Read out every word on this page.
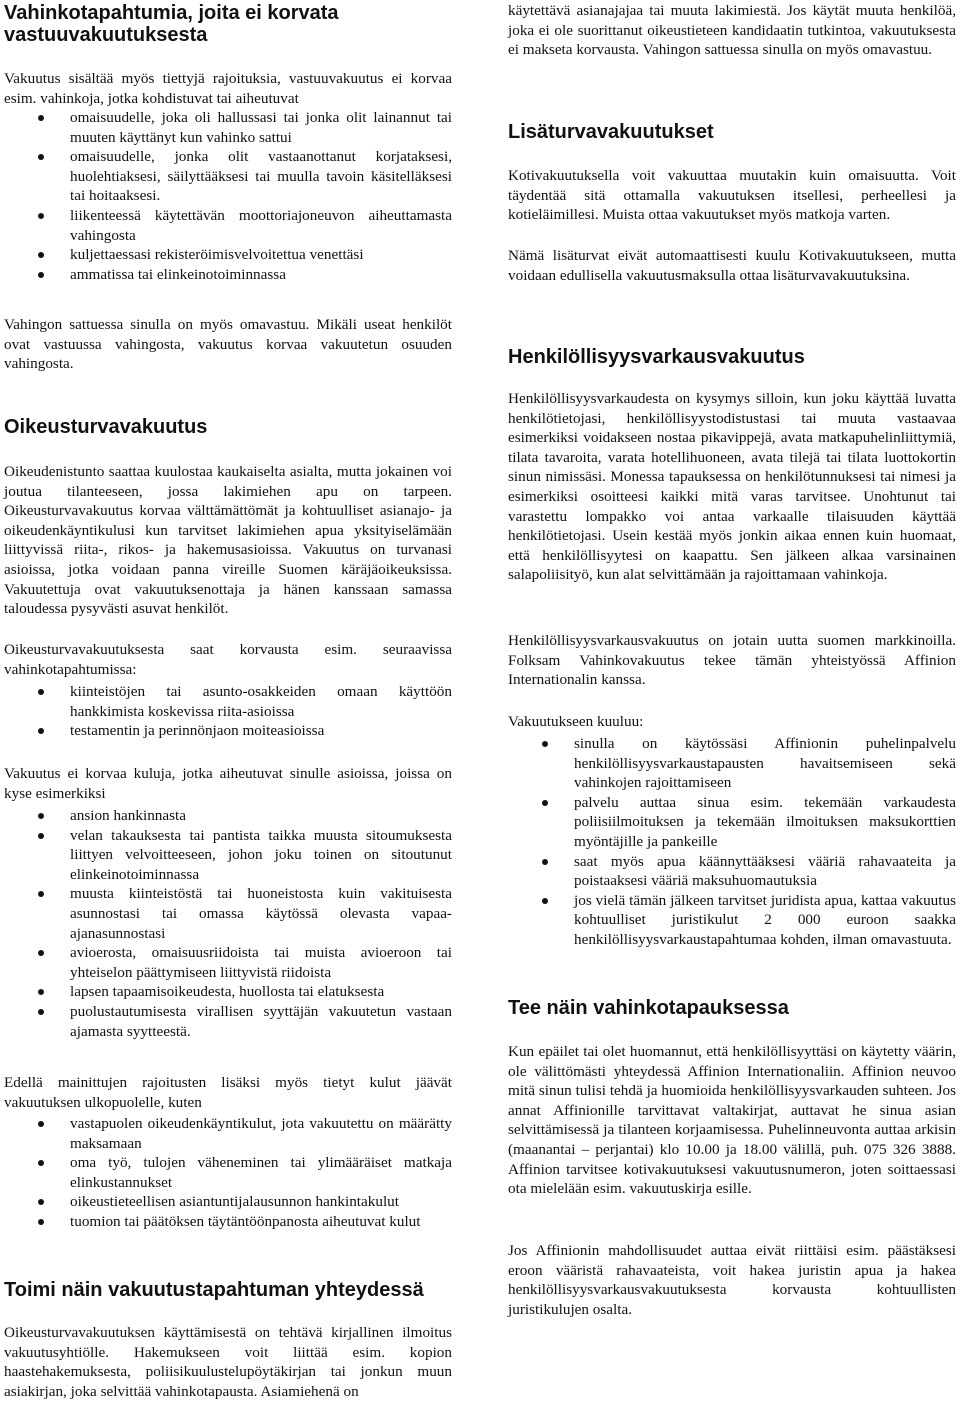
Vahinkotapahtumia, joita ei korvata vastuuvakuutuksesta

Vakuutus sisältää myös tiettyjä rajoituksia, vastuuvakuutus ei korvaa esim. vahinkoja, jotka kohdistuvat tai aiheutuvat

omaisuudelle, joka oli hallussasi tai jonka olit lainannut tai muuten käyttänyt kun vahinko sattui
omaisuudelle, jonka olit vastaanottanut korjataksesi, huolehtiaksesi, säilyttääksesi tai muulla tavoin käsitelläksesi tai hoitaaksesi.
liikenteessä käytettävän moottoriajoneuvon aiheuttamasta vahingosta
kuljettaessasi rekisteröimisvelvoitettua venettäsi
ammatissa tai elinkeinotoiminnassa

Vahingon sattuessa sinulla on myös omavastuu. Mikäli useat henkilöt ovat vastuussa vahingosta, vakuutus korvaa vakuutetun osuuden vahingosta.

Oikeusturvavakuutus

Oikeudenistunto saattaa kuulostaa kaukaiselta asialta, mutta jokainen voi joutua tilanteeseen, jossa lakimiehen apu on tarpeen. Oikeusturvavakuutus korvaa välttämättömät ja kohtuulliset asianajo- ja oikeudenkäyntikulusi kun tarvitset lakimiehen apua yksityiselämään liittyvissä riita-, rikos- ja hakemusasioissa. Vakuutus on turvanasi asioissa, jotka voidaan panna vireille Suomen käräjäoikeuksissa. Vakuutettuja ovat vakuutuksenottaja ja hänen kanssaan samassa taloudessa pysyvästi asuvat henkilöt.

Oikeusturvavakuutuksesta saat korvausta esim. seuraavissa vahinkotapahtumissa:

kiinteistöjen tai asunto-osakkeiden omaan käyttöön hankkimista koskevissa riita-asioissa
testamentin ja perinnönjaon moiteasioissa

Vakuutus ei korvaa kuluja, jotka aiheutuvat sinulle asioissa, joissa on kyse esimerkiksi

ansion hankinnasta
velan takauksesta tai pantista taikka muusta sitoumuksesta liittyen velvoitteeseen, johon joku toinen on sitoutunut elinkeinotoiminnassa
muusta kiinteistöstä tai huoneistosta kuin vakituisesta asunnostasi tai omassa käytössä olevasta vapaa-ajanasunnostasi
avioerosta, omaisuusriidoista tai muista avioeroon tai yhteiselon päättymiseen liittyvistä riidoista
lapsen tapaamisoikeudesta, huollosta tai elatuksesta
puolustautumisesta virallisen syyttäjän vakuutetun vastaan ajamasta syytteestä.

Edellä mainittujen rajoitusten lisäksi myös tietyt kulut jäävät vakuutuksen ulkopuolelle, kuten

vastapuolen oikeudenkäyntikulut, jota vakuutettu on määrätty maksamaan
oma työ, tulojen väheneminen tai ylimääräiset matkaja elinkustannukset
oikeustieteellisen asiantuntijalausunnon hankintakulut
tuomion tai päätöksen täytäntöönpanosta aiheutuvat kulut
Toimi näin vakuutustapahtuman yhteydessä

Oikeusturvavakuutuksen käyttämisestä on tehtävä kirjallinen ilmoitus vakuutusyhtiölle. Hakemukseen voit liittää esim. kopion haastehakemuksesta, poliisikuulustelupöytäkirjan tai jonkun muun asiakirjan, joka selvittää vahinkotapausta. Asiamiehenä on

käytettävä asianajajaa tai muuta lakimiestä. Jos käytät muuta henkilöä, joka ei ole suorittanut oikeustieteen kandidaatin tutkintoa, vakuutuksesta ei makseta korvausta. Vahingon sattuessa sinulla on myös omavastuu.

Lisäturvavakuutukset

Kotivakuutuksella voit vakuuttaa muutakin kuin omaisuutta. Voit täydentää sitä ottamalla vakuutuksen itsellesi, perheellesi ja kotieläimillesi. Muista ottaa vakuutukset myös matkoja varten.

Nämä lisäturvat eivät automaattisesti kuulu Kotivakuutukseen, mutta voidaan edullisella vakuutusmaksulla ottaa lisäturvavakuutuksina.

Henkilöllisyysvarkausvakuutus

Henkilöllisyysvarkaudesta on kysymys silloin, kun joku käyttää luvatta henkilötietojasi, henkilöllisyystodistustasi tai muuta vastaavaa esimerkiksi voidakseen nostaa pikavippejä, avata matkapuhelinliittymiä, tilata tavaroita, varata hotellihuoneen, avata tilejä tai tilata luottokortin sinun nimissäsi. Monessa tapauksessa on henkilötunnuksesi tai nimesi ja esimerkiksi osoitteesi kaikki mitä varas tarvitsee. Unohtunut tai varastettu lompakko voi antaa varkaalle tilaisuuden käyttää henkilötietojasi. Usein kestää myös jonkin aikaa ennen kuin huomaat, että henkilöllisyytesi on kaapattu. Sen jälkeen alkaa varsinainen salapoliisityö, kun alat selvittämään ja rajoittamaan vahinkoja.

Henkilöllisyysvarkausvakuutus on jotain uutta suomen markkinoilla. Folksam Vahinkovakuutus tekee tämän yhteistyössä Affinion Internationalin kanssa.

Vakuutukseen kuuluu:

sinulla on käytössäsi Affinionin puhelinpalvelu henkilöllisyysvarkaustapausten havaitsemiseen sekä vahinkojen rajoittamiseen
palvelu auttaa sinua esim. tekemään varkaudesta poliisiilmoituksen ja tekemään ilmoituksen maksukorttien myöntäjille ja pankeille
saat myös apua käännyttääksesi vääriä rahavaateita ja poistaaksesi vääriä maksuhuomautuksia
jos vielä tämän jälkeen tarvitset juridista apua, kattaa vakuutus kohtuulliset juristikulut 2 000 euroon saakka henkilöllisyysvarkaustapahtumaa kohden, ilman omavastuuta.
Tee näin vahinkotapauksessa

Kun epäilet tai olet huomannut, että henkilöllisyyttäsi on käytetty väärin, ole välittömästi yhteydessä Affinion Internationaliin. Affinion neuvoo mitä sinun tulisi tehdä ja huomioida henkilöllisyysvarkauden suhteen. Jos annat Affinionille tarvittavat valtakirjat, auttavat he sinua asian selvittämisessä ja tilanteen korjaamisessa. Puhelinneuvonta auttaa arkisin (maanantai – perjantai) klo 10.00 ja 18.00 välillä, puh. 075 326 3888. Affinion tarvitsee kotivakuutuksesi vakuutusnumeron, joten soittaessasi ota mielelään esim. vakuutuskirja esille.

Jos Affinionin mahdollisuudet auttaa eivät riittäisi esim. päästäksesi eroon vääristä rahavaateista, voit hakea juristin apua ja hakea henkilöllisyysvarkausvakuutuksesta korvausta kohtuullisten juristikulujen osalta.
